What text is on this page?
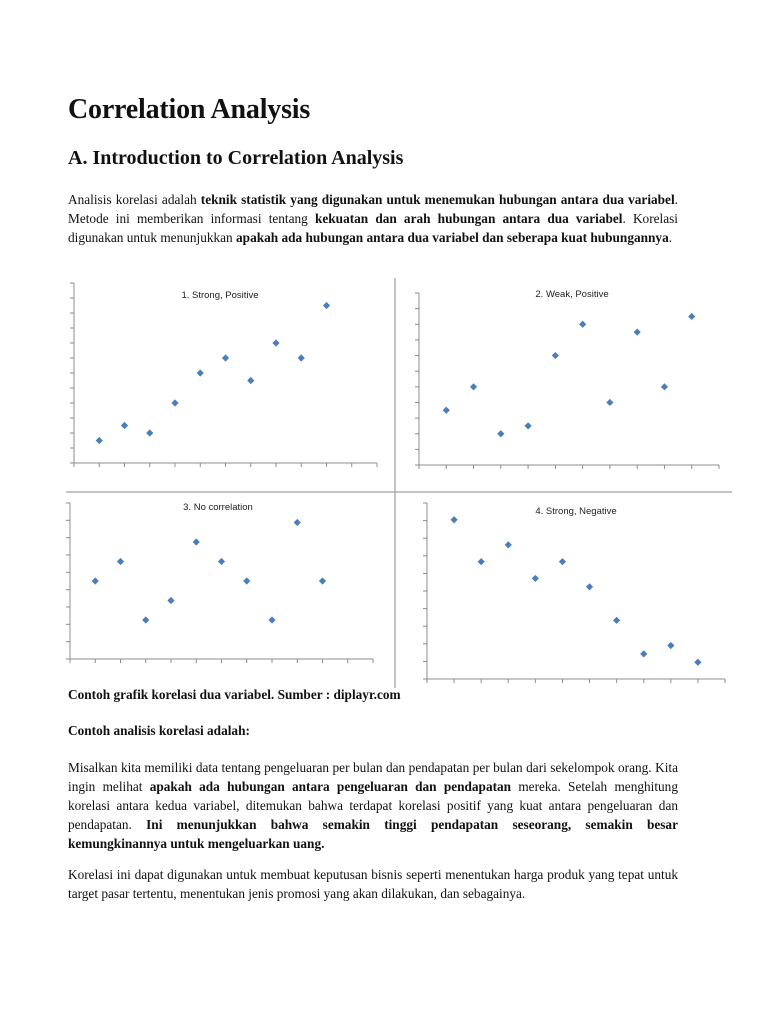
Correlation Analysis
A. Introduction to Correlation Analysis

Analisis korelasi adalah teknik statistik yang digunakan untuk menemukan hubungan antara dua variabel. Metode ini memberikan informasi tentang kekuatan dan arah hubungan antara dua variabel. Korelasi digunakan untuk menunjukkan apakah ada hubungan antara dua variabel dan seberapa kuat hubungannya.

Contoh grafik korelasi dua variabel. Sumber : diplayr.com

Contoh analisis korelasi adalah:

Misalkan kita memiliki data tentang pengeluaran per bulan dan pendapatan per bulan dari sekelompok orang. Kita ingin melihat apakah ada hubungan antara pengeluaran dan pendapatan mereka. Setelah menghitung korelasi antara kedua variabel, ditemukan bahwa terdapat korelasi positif yang kuat antara pengeluaran dan pendapatan. Ini menunjukkan bahwa semakin tinggi pendapatan seseorang, semakin besar kemungkinannya untuk mengeluarkan uang.

Korelasi ini dapat digunakan untuk membuat keputusan bisnis seperti menentukan harga produk yang tepat untuk target pasar tertentu, menentukan jenis promosi yang akan dilakukan, dan sebagainya.

1. Strong, Positive	2. Weak, Positive
3. No correlation	4. Strong, Negative
